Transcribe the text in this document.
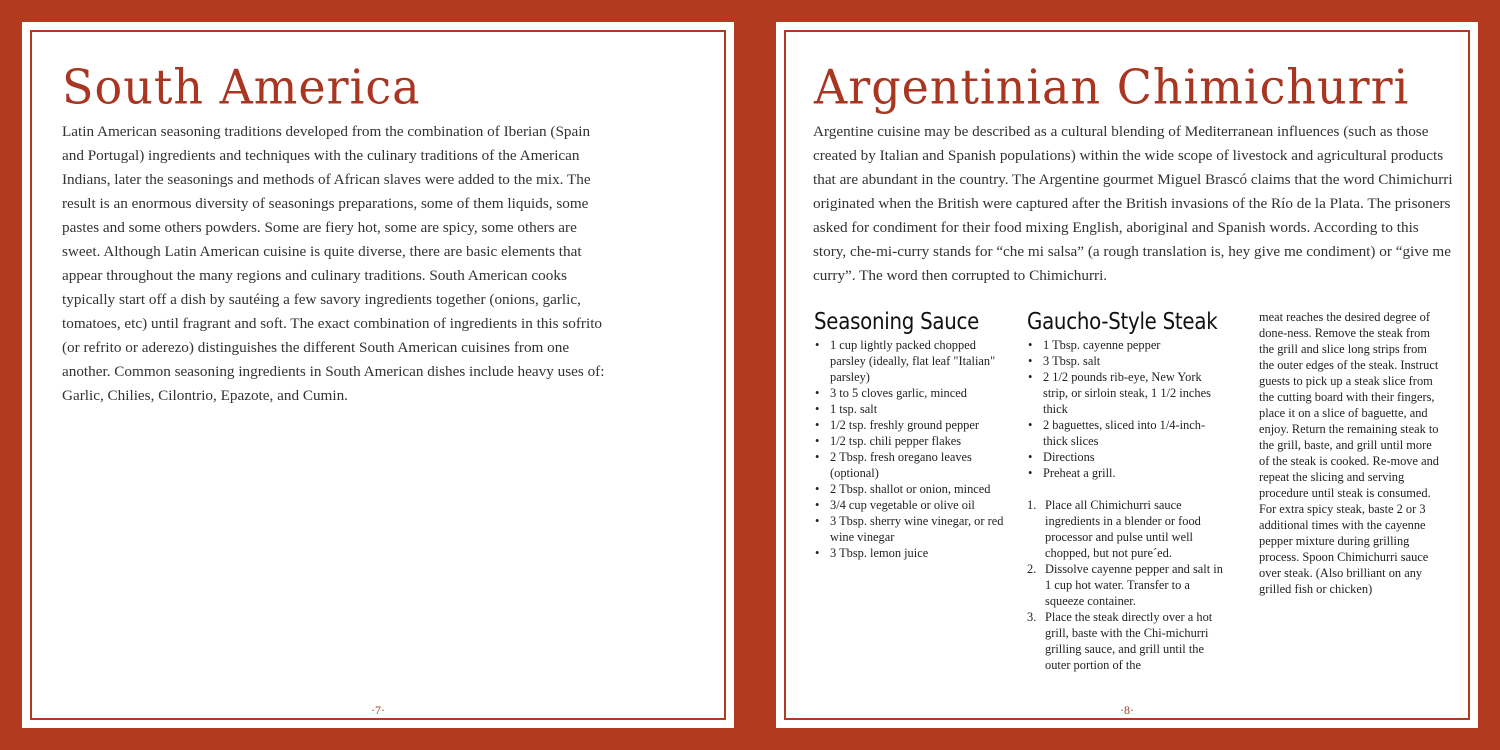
South America

Latin American seasoning traditions developed from the combination of Iberian (Spain and Portugal) ingredients and techniques with the culinary traditions of the American Indians, later the seasonings and methods of African slaves were added to the mix. The result is an enormous diversity of seasonings preparations, some of them liquids, some pastes and some others powders. Some are fiery hot, some are spicy, some others are sweet. Although Latin American cuisine is quite diverse, there are basic elements that appear throughout the many regions and culinary traditions. South American cooks typically start off a dish by sautéing a few savory ingredients together (onions, garlic, tomatoes, etc) until fragrant and soft. The exact combination of ingredients in this sofrito (or refrito or aderezo) distinguishes the different South American cuisines from one another. Common seasoning ingredients in South American dishes include heavy uses of: Garlic, Chilies, Cilontrio, Epazote, and Cumin.

·7·
Argentinian Chimichurri

Argentine cuisine may be described as a cultural blending of Mediterranean influences (such as those created by Italian and Spanish populations) within the wide scope of livestock and agricultural products that are abundant in the country. The Argentine gourmet Miguel Brascó claims that the word Chimichurri originated when the British were captured after the British invasions of the Río de la Plata. The prisoners asked for condiment for their food mixing English, aboriginal and Spanish words. According to this story, che-mi-curry stands for “che mi salsa” (a rough translation is, hey give me condiment) or “give me curry”. The word then corrupted to Chimichurri.

Seasoning Sauce
• 1 cup lightly packed chopped parsley (ideally, flat leaf "Italian" parsley)
• 3 to 5 cloves garlic, minced
• 1 tsp. salt
• 1/2 tsp. freshly ground pepper
• 1/2 tsp. chili pepper flakes
• 2 Tbsp. fresh oregano leaves (optional)
• 2 Tbsp. shallot or onion, minced
• 3/4 cup vegetable or olive oil
• 3 Tbsp. sherry wine vinegar, or red wine vinegar
• 3 Tbsp. lemon juice
Gaucho-Style Steak
• 1 Tbsp. cayenne pepper
• 3 Tbsp. salt
• 2 1/2 pounds rib-eye, New York strip, or sirloin steak, 1 1/2 inches thick
• 2 baguettes, sliced into 1/4-inch-thick slices
• Directions
• Preheat a grill.
1. Place all Chimichurri sauce ingredients in a blender or food processor and pulse until well chopped, but not pure´ed.
2. Dissolve cayenne pepper and salt in 1 cup hot water. Transfer to a squeeze container.
3. Place the steak directly over a hot grill, baste with the Chi-michurri grilling sauce, and grill until the outer portion of the

meat reaches the desired degree of done-ness. Remove the steak from the grill and slice long strips from the outer edges of the steak. Instruct guests to pick up a steak slice from the cutting board with their fingers, place it on a slice of baguette, and enjoy. Return the remaining steak to the grill, baste, and grill until more of the steak is cooked. Re-move and repeat the slicing and serving procedure until steak is consumed. For extra spicy steak, baste 2 or 3 additional times with the cayenne pepper mixture during grilling process. Spoon Chimichurri sauce over steak. (Also brilliant on any grilled fish or chicken)

·8·
